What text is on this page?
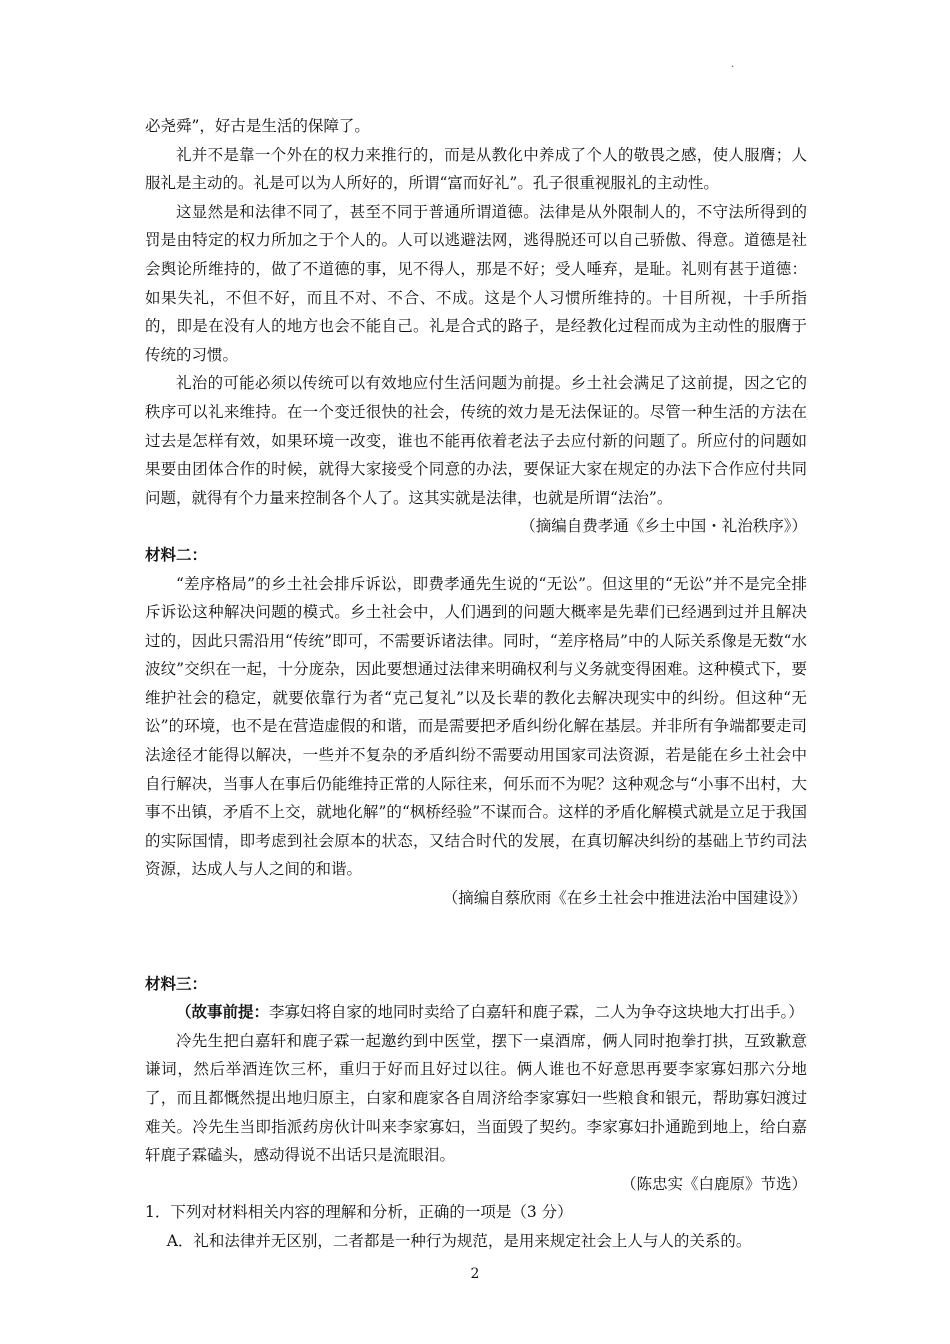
·

必尧舜”，好古是生活的保障了。

礼并不是靠一个外在的权力来推行的，而是从教化中养成了个人的敬畏之感，使人服膺；人服礼是主动的。礼是可以为人所好的，所谓“富而好礼”。孔子很重视服礼的主动性。

这显然是和法律不同了，甚至不同于普通所谓道德。法律是从外限制人的，不守法所得到的罚是由特定的权力所加之于个人的。人可以逃避法网，逃得脱还可以自己骄傲、得意。道德是社会舆论所维持的，做了不道德的事，见不得人，那是不好；受人唾弃，是耻。礼则有甚于道德：如果失礼，不但不好，而且不对、不合、不成。这是个人习惯所维持的。十目所视，十手所指的，即是在没有人的地方也会不能自己。礼是合式的路子，是经教化过程而成为主动性的服膺于传统的习惯。

礼治的可能必须以传统可以有效地应付生活问题为前提。乡土社会满足了这前提，因之它的秩序可以礼来维持。在一个变迁很快的社会，传统的效力是无法保证的。尽管一种生活的方法在过去是怎样有效，如果环境一改变，谁也不能再依着老法子去应付新的问题了。所应付的问题如果要由团体合作的时候，就得大家接受个同意的办法，要保证大家在规定的办法下合作应付共同问题，就得有个力量来控制各个人了。这其实就是法律，也就是所谓“法治”。

（摘编自费孝通《乡土中国・礼治秩序》）

材料二：

“差序格局”的乡土社会排斥诉讼，即费孝通先生说的“无讼”。但这里的“无讼”并不是完全排斥诉讼这种解决问题的模式。乡土社会中，人们遇到的问题大概率是先辈们已经遇到过并且解决过的，因此只需沿用“传统”即可，不需要诉诸法律。同时，“差序格局”中的人际关系像是无数“水波纹”交织在一起，十分庞杂，因此要想通过法律来明确权利与义务就变得困难。这种模式下，要维护社会的稳定，就要依靠行为者“克己复礼”以及长辈的教化去解决现实中的纠纷。但这种“无讼”的环境，也不是在营造虚假的和谐，而是需要把矛盾纠纷化解在基层。并非所有争端都要走司法途径才能得以解决，一些并不复杂的矛盾纠纷不需要动用国家司法资源，若是能在乡土社会中自行解决，当事人在事后仍能维持正常的人际往来，何乐而不为呢？这种观念与“小事不出村，大事不出镇，矛盾不上交，就地化解”的“枫桥经验”不谋而合。这样的矛盾化解模式就是立足于我国的实际国情，即考虑到社会原本的状态，又结合时代的发展，在真切解决纠纷的基础上节约司法资源，达成人与人之间的和谐。

（摘编自蔡欣雨《在乡土社会中推进法治中国建设》）

材料三：

（故事前提：李寡妇将自家的地同时卖给了白嘉轩和鹿子霖，二人为争夺这块地大打出手。）

冷先生把白嘉轩和鹿子霖一起邀约到中医堂，摆下一桌酒席，俩人同时抱拳打拱，互致歉意谦词，然后举酒连饮三杯，重归于好而且好过以往。俩人谁也不好意思再要李家寡妇那六分地了，而且都慨然提出地归原主，白家和鹿家各自周济给李家寡妇一些粮食和银元，帮助寡妇渡过难关。冷先生当即指派药房伙计叫来李家寡妇，当面毁了契约。李家寡妇扑通跪到地上，给白嘉轩鹿子霖磕头，感动得说不出话只是流眼泪。

（陈忠实《白鹿原》节选）

1．下列对材料相关内容的理解和分析，正确的一项是（3 分）

A．礼和法律并无区别，二者都是一种行为规范，是用来规定社会上人与人的关系的。

2
